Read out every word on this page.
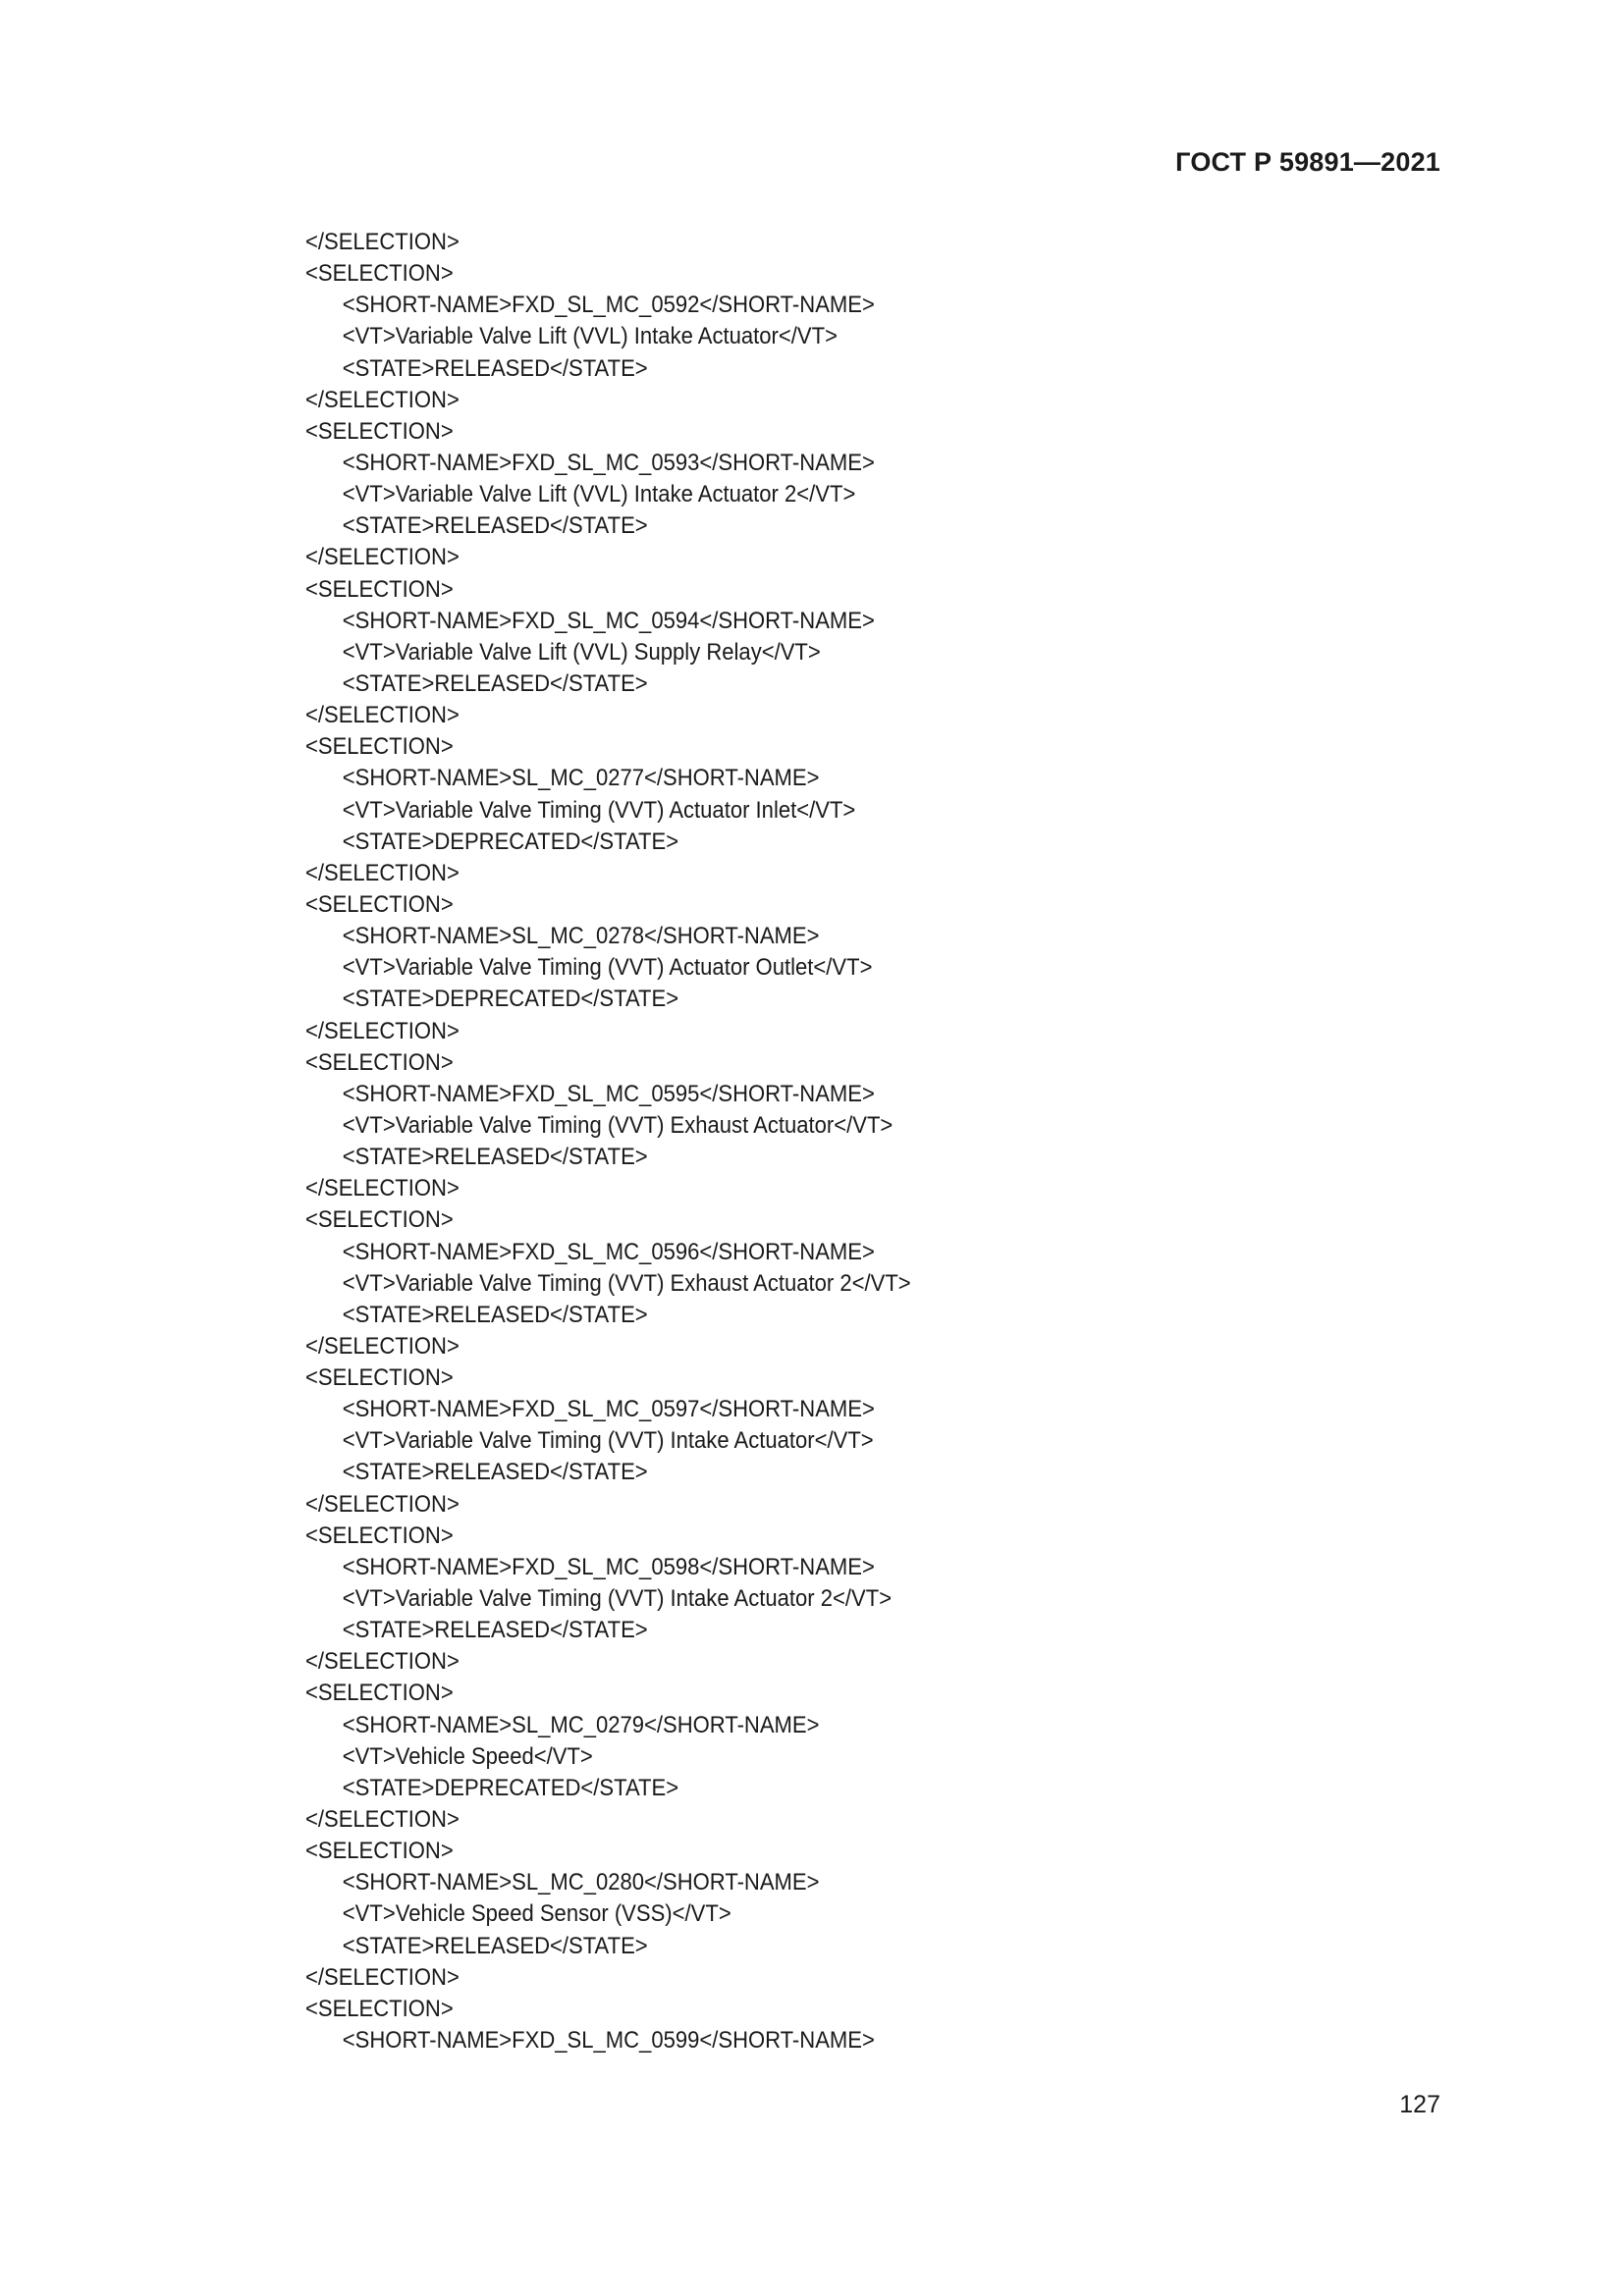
ГОСТ Р 59891—2021
</SELECTION>
<SELECTION>
<SHORT-NAME>FXD_SL_MC_0592</SHORT-NAME>
<VT>Variable Valve Lift (VVL) Intake Actuator</VT>
<STATE>RELEASED</STATE>
</SELECTION>
<SELECTION>
<SHORT-NAME>FXD_SL_MC_0593</SHORT-NAME>
<VT>Variable Valve Lift (VVL) Intake Actuator 2</VT>
<STATE>RELEASED</STATE>
</SELECTION>
<SELECTION>
<SHORT-NAME>FXD_SL_MC_0594</SHORT-NAME>
<VT>Variable Valve Lift (VVL) Supply Relay</VT>
<STATE>RELEASED</STATE>
</SELECTION>
<SELECTION>
<SHORT-NAME>SL_MC_0277</SHORT-NAME>
<VT>Variable Valve Timing (VVT) Actuator Inlet</VT>
<STATE>DEPRECATED</STATE>
</SELECTION>
<SELECTION>
<SHORT-NAME>SL_MC_0278</SHORT-NAME>
<VT>Variable Valve Timing (VVT) Actuator Outlet</VT>
<STATE>DEPRECATED</STATE>
</SELECTION>
<SELECTION>
<SHORT-NAME>FXD_SL_MC_0595</SHORT-NAME>
<VT>Variable Valve Timing (VVT) Exhaust Actuator</VT>
<STATE>RELEASED</STATE>
</SELECTION>
<SELECTION>
<SHORT-NAME>FXD_SL_MC_0596</SHORT-NAME>
<VT>Variable Valve Timing (VVT) Exhaust Actuator 2</VT>
<STATE>RELEASED</STATE>
</SELECTION>
<SELECTION>
<SHORT-NAME>FXD_SL_MC_0597</SHORT-NAME>
<VT>Variable Valve Timing (VVT) Intake Actuator</VT>
<STATE>RELEASED</STATE>
</SELECTION>
<SELECTION>
<SHORT-NAME>FXD_SL_MC_0598</SHORT-NAME>
<VT>Variable Valve Timing (VVT) Intake Actuator 2</VT>
<STATE>RELEASED</STATE>
</SELECTION>
<SELECTION>
<SHORT-NAME>SL_MC_0279</SHORT-NAME>
<VT>Vehicle Speed</VT>
<STATE>DEPRECATED</STATE>
</SELECTION>
<SELECTION>
<SHORT-NAME>SL_MC_0280</SHORT-NAME>
<VT>Vehicle Speed Sensor (VSS)</VT>
<STATE>RELEASED</STATE>
</SELECTION>
<SELECTION>
<SHORT-NAME>FXD_SL_MC_0599</SHORT-NAME>
127
